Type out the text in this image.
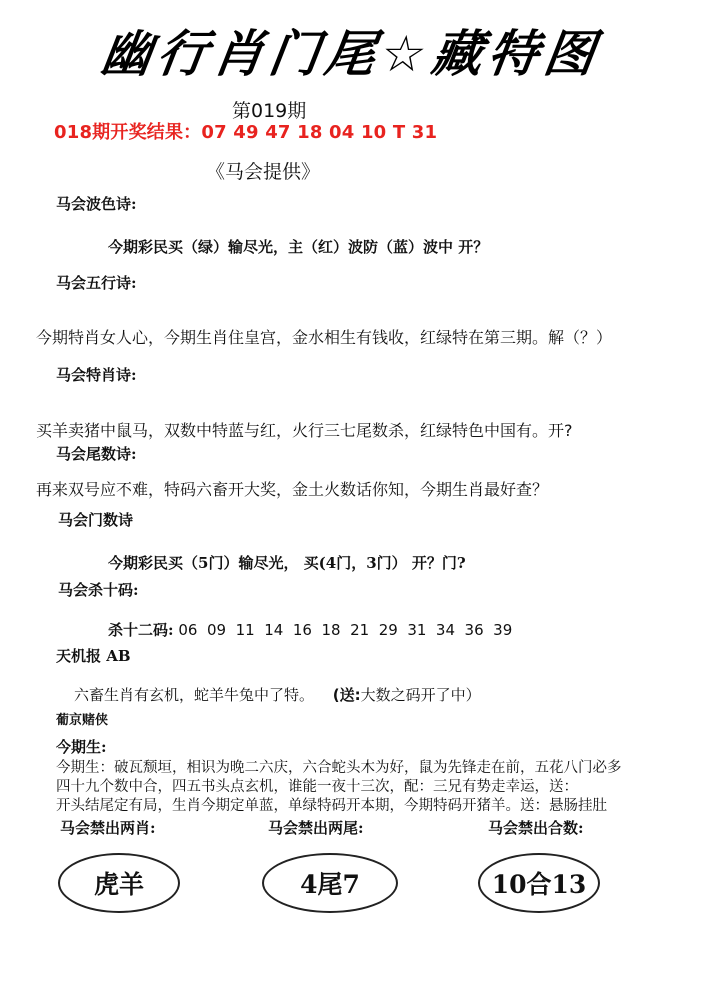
幽行肖门尾☆藏特图
第019期
018期开奖结果：07 49 47 18 04 10 T 31
《马会提供》
马会波色诗:
今期彩民买（绿）输尽光，主（红）波防（蓝）波中 开？
马会五行诗:
今期特肖女人心，今期生肖住皇宫，金水相生有钱收，红绿特在第三期。解（？）
马会特肖诗:
买羊卖猪中鼠马，双数中特蓝与红，火行三七尾数杀，红绿特色中国有。开?
马会尾数诗:
再来双号应不难，特码六畜开大奖，金土火数话你知，今期生肖最好查？
马会门数诗
今期彩民买（5门）输尽光， 买(4门，3门） 开？门?
马会杀十码:
杀十二码: 06  09  11  14  16  18  21  29  31  34  36  39
天机报 AB
六畜生肖有玄机，蛇羊牛兔中了特。 (送:大数之码开了中）
葡京赌侠
今期生:
今期生：破瓦颓垣，相识为晚二六庆，六合蛇头木为好，鼠为先锋走在前，五花八门必多
四十九个数中合，四五书头点玄机，谁能一夜十三次，配：三兄有势走幸运，送：
开头结尾定有局，生肖今期定单蓝，单绿特码开本期，今期特码开猪羊。送：悬肠挂肚
马会禁出两肖:	马会禁出两尾:	马会禁出合数:
虎羊	4尾7	10合13
